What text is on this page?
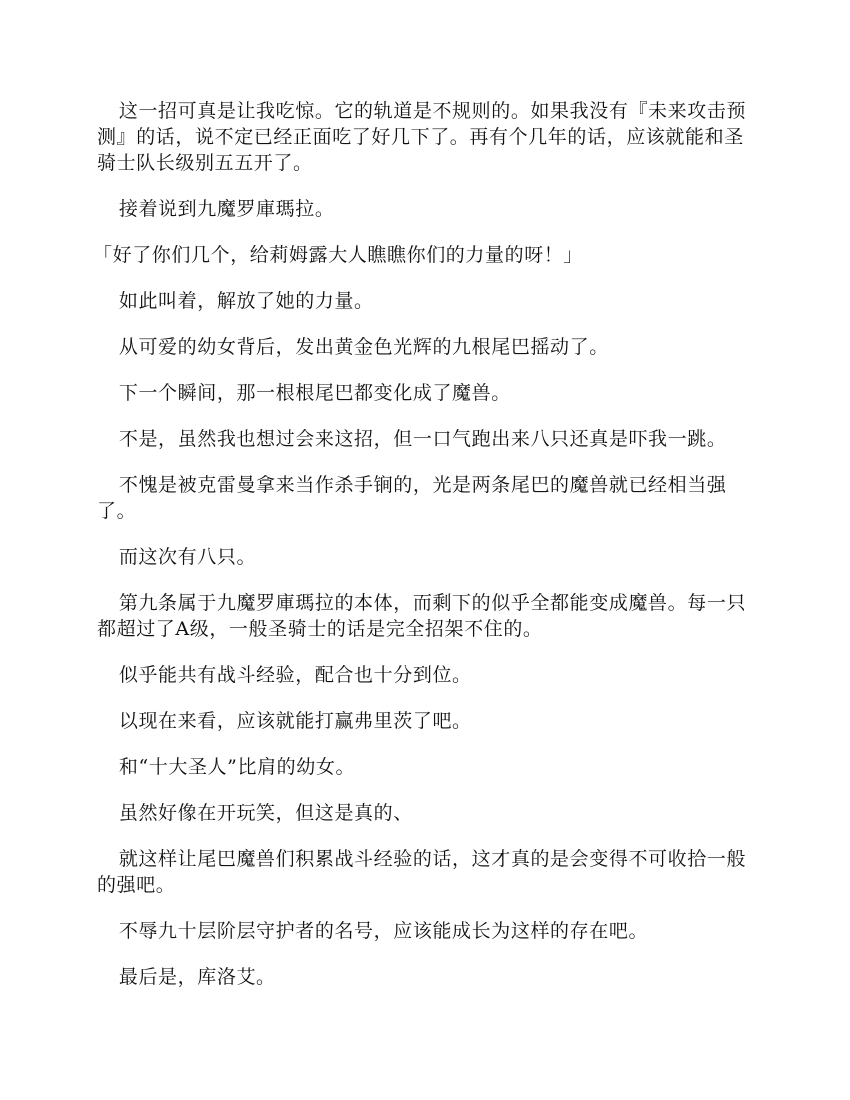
这一招可真是让我吃惊。它的轨道是不规则的。如果我没有『未来攻击预测』的话，说不定已经正面吃了好几下了。再有个几年的话，应该就能和圣骑士队长级别五五开了。

接着说到九魔罗庫瑪拉。

「好了你们几个，给莉姆露大人瞧瞧你们的力量的呀！」

如此叫着，解放了她的力量。

从可爱的幼女背后，发出黄金色光辉的九根尾巴摇动了。

下一个瞬间，那一根根尾巴都变化成了魔兽。

不是，虽然我也想过会来这招，但一口气跑出来八只还真是吓我一跳。

不愧是被克雷曼拿来当作杀手锏的，光是两条尾巴的魔兽就已经相当强了。

而这次有八只。

第九条属于九魔罗庫瑪拉的本体，而剩下的似乎全都能变成魔兽。每一只都超过了A级，一般圣骑士的话是完全招架不住的。

似乎能共有战斗经验，配合也十分到位。

以现在来看，应该就能打赢弗里茨了吧。

和“十大圣人”比肩的幼女。

虽然好像在开玩笑，但这是真的、

就这样让尾巴魔兽们积累战斗经验的话，这才真的是会变得不可收拾一般的强吧。

不辱九十层阶层守护者的名号，应该能成长为这样的存在吧。

最后是，库洛艾。
